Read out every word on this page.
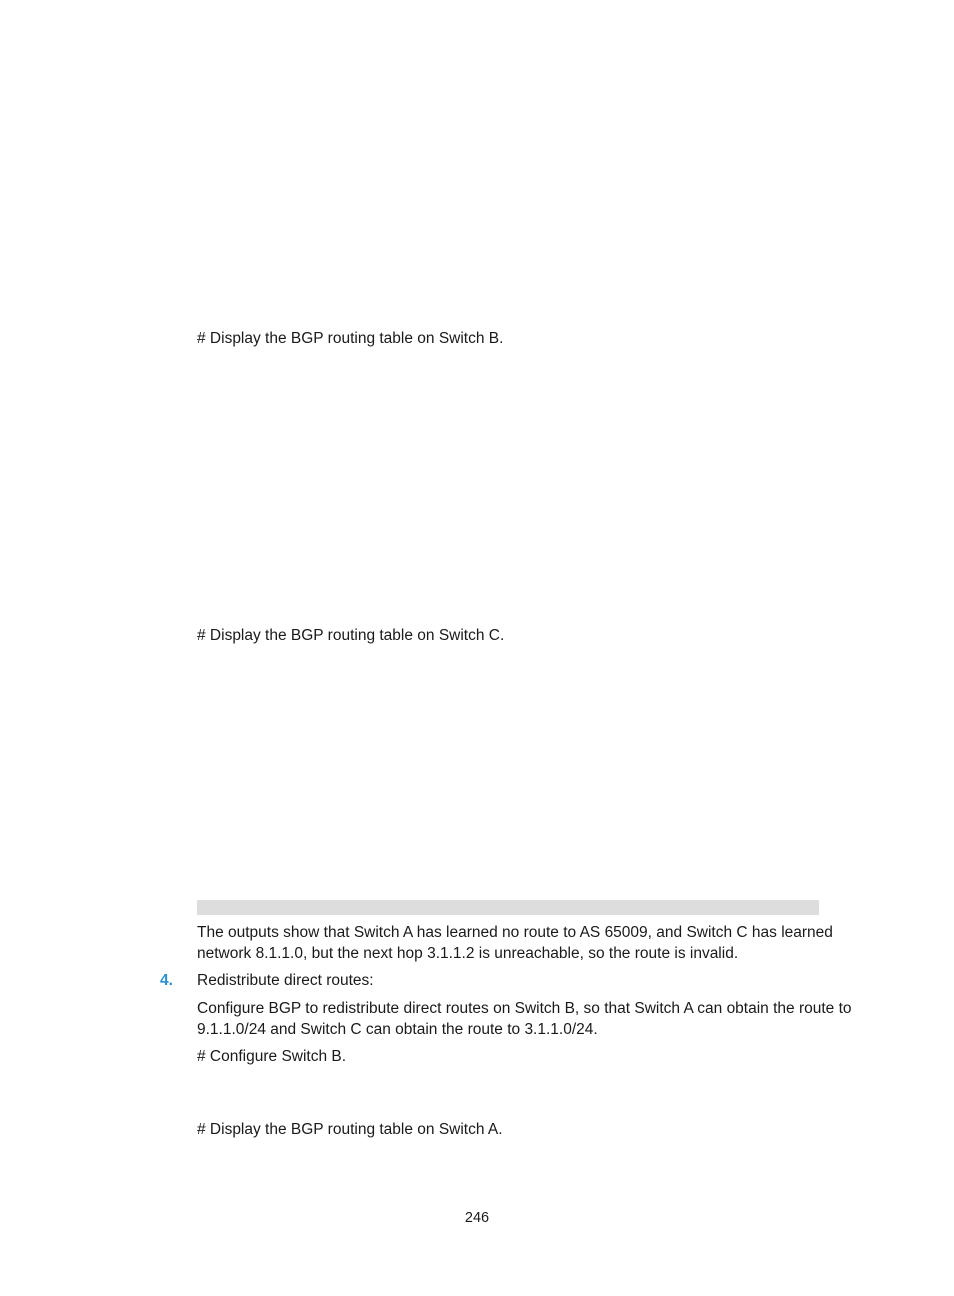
# Display the BGP routing table on Switch B.
# Display the BGP routing table on Switch C.
The outputs show that Switch A has learned no route to AS 65009, and Switch C has learned network 8.1.1.0, but the next hop 3.1.1.2 is unreachable, so the route is invalid.
4. Redistribute direct routes:
Configure BGP to redistribute direct routes on Switch B, so that Switch A can obtain the route to 9.1.1.0/24 and Switch C can obtain the route to 3.1.1.0/24.
# Configure Switch B.
# Display the BGP routing table on Switch A.
246
